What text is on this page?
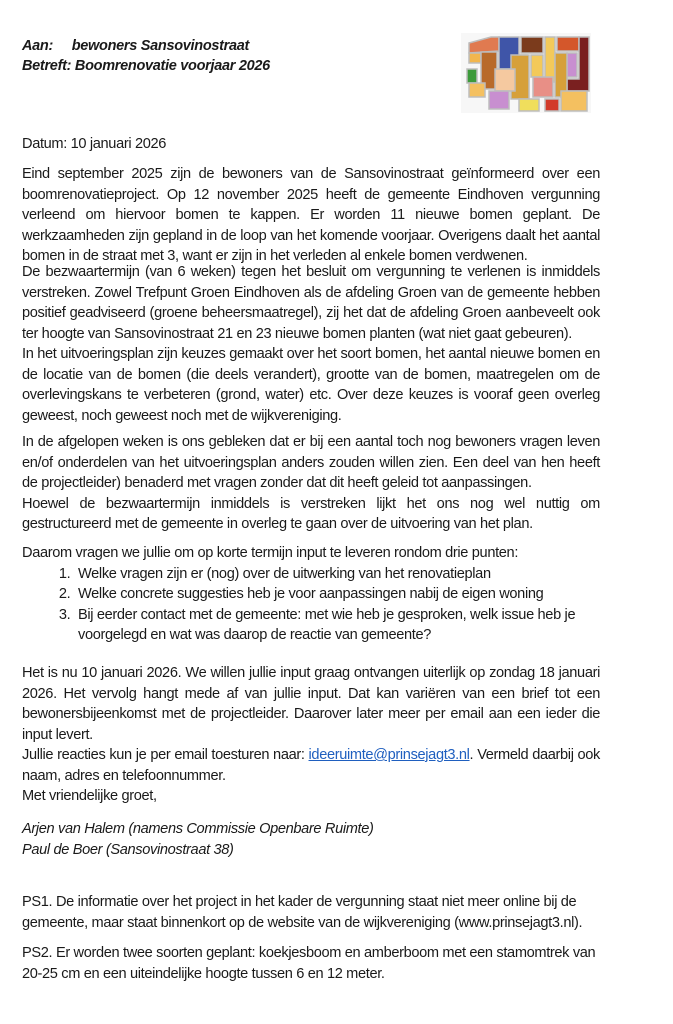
Aan: bewoners Sansovinostraat
Betreft: Boomrenovatie voorjaar 2026
Datum: 10 januari 2026
Eind september 2025 zijn de bewoners van de Sansovinostraat geïnformeerd over een boomrenovatieproject. Op 12 november 2025 heeft de gemeente Eindhoven vergunning verleend om hiervoor bomen te kappen. Er worden 11 nieuwe bomen geplant. De werkzaamheden zijn gepland in de loop van het komende voorjaar. Overigens daalt het aantal bomen in de straat met 3, want er zijn in het verleden al enkele bomen verdwenen.
De bezwaartermijn (van 6 weken) tegen het besluit om vergunning te verlenen is inmiddels verstreken. Zowel Trefpunt Groen Eindhoven als de afdeling Groen van de gemeente hebben positief geadviseerd (groene beheersmaatregel), zij het dat de afdeling Groen aanbeveelt ook ter hoogte van Sansovinostraat 21 en 23 nieuwe bomen planten (wat niet gaat gebeuren).
In het uitvoeringsplan zijn keuzes gemaakt over het soort bomen, het aantal nieuwe bomen en de locatie van de bomen (die deels verandert), grootte van de bomen, maatregelen om de overlevingskans te verbeteren (grond, water) etc. Over deze keuzes is vooraf geen overleg geweest, noch geweest noch met de wijkvereniging.
In de afgelopen weken is ons gebleken dat er bij een aantal toch nog bewoners vragen leven en/of onderdelen van het uitvoeringsplan anders zouden willen zien. Een deel van hen heeft de projectleider) benaderd met vragen zonder dat dit heeft geleid tot aanpassingen.
Hoewel de bezwaartermijn inmiddels is verstreken lijkt het ons nog wel nuttig om gestructureerd met de gemeente in overleg te gaan over de uitvoering van het plan.
Daarom vragen we jullie om op korte termijn input te leveren rondom drie punten:
1. Welke vragen zijn er (nog) over de uitwerking van het renovatieplan
2. Welke concrete suggesties heb je voor aanpassingen nabij de eigen woning
3. Bij eerder contact met de gemeente: met wie heb je gesproken, welk issue heb je voorgelegd en wat was daarop de reactie van gemeente?
Het is nu 10 januari 2026. We willen jullie input graag ontvangen uiterlijk op zondag 18 januari 2026. Het vervolg hangt mede af van jullie input. Dat kan variëren van een brief tot een bewonersbijeenkomst met de projectleider. Daarover later meer per email aan een ieder die input levert.
Jullie reacties kun je per email toesturen naar: ideeruimte@prinsejagt3.nl. Vermeld daarbij ook naam, adres en telefoonnummer.
Met vriendelijke groet,
Arjen van Halem (namens Commissie Openbare Ruimte)
Paul de Boer (Sansovinostraat 38)
PS1. De informatie over het project in het kader de vergunning staat niet meer online bij de gemeente, maar staat binnenkort op de website van de wijkvereniging (www.prinsejagt3.nl).
PS2. Er worden twee soorten geplant: koekjesboom en amberboom met een stamomtrek van 20-25 cm en een uiteindelijke hoogte tussen 6 en 12 meter.
